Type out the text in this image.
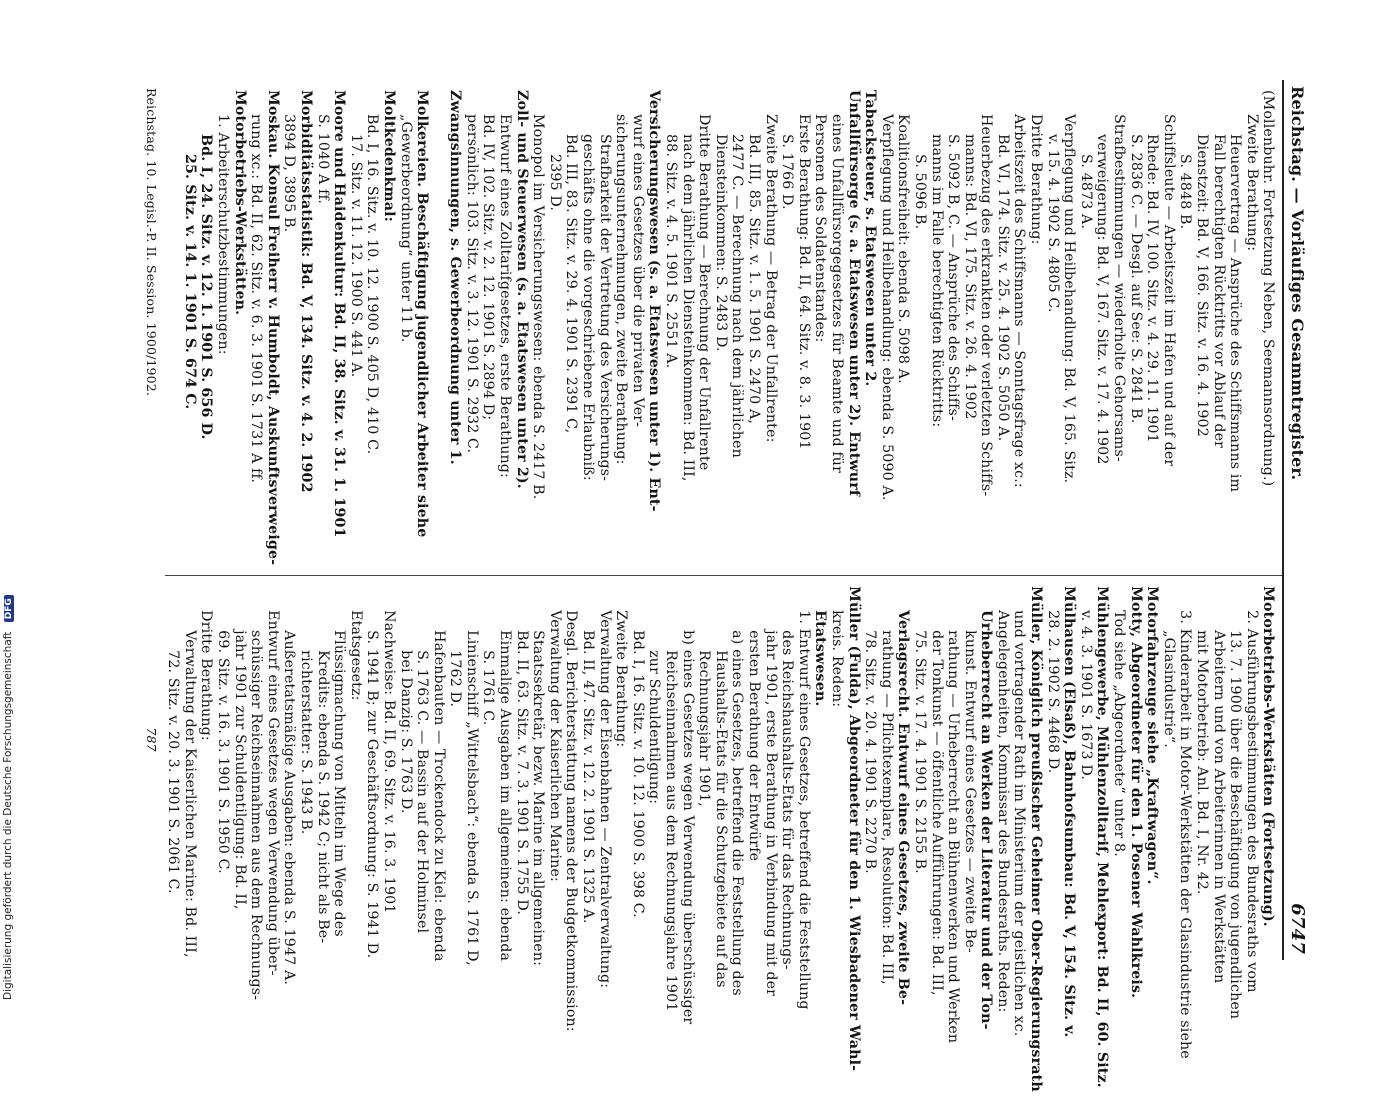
Digitalisierung gefördert durch die Deutsche Forschungsgemeinschaft DFG
Reichstag. — Vorläufiges Gesammtregister.
6747
(Mollenbuhr. Fortsetzung Neben, Seemannsordnung.)
Zweite Berathung:
Heuervertrag — Ansprüche des Schiffsmanns im
Fall berechtigten Rücktritts vor Ablauf der
Dienstzeit: Bd. V, 166. Sitz. v. 16. 4. 1902
S. 4848 B.
Schiffsleute — Arbeitszeit im Hafen und auf der
Rhede: Bd. IV, 100. Sitz. v. 4. 29. 11. 1901
S. 2836 C. — Desgl. auf See: S. 2841 B.
Strafbestimmungen — wiederholte Gehorsams-
verweigerung: Bd. V, 167. Sitz. v. 17. 4. 1902
S. 4873 A.
Verpflegung und Heilbehandlung: Bd. V, 165. Sitz.
v. 15. 4. 1902 S. 4805 C.
Dritte Berathung:
Arbeitszeit des Schiffsmanns — Sonntagsfrage xc.:
Bd. VI, 174. Sitz. v. 25. 4. 1902 S. 5050 A.
Heuerbezug des erkrankten oder verletzten Schiffs-
manns: Bd. VI, 175. Sitz. v. 26. 4. 1902
S. 5092 B, C. — Ansprüche des Schiffs-
manns im Falle berechtigten Rücktritts:
S. 5096 B.
Koalitionsfreiheit: ebenda S. 5098 A.
Verpflegung und Heilbehandlung: ebenda S. 5090 A.
Tabacksteuer, s. Etatswesen unter 2.
Unfallfürsorge (s. a. Etatswesen unter 2). Entwurf
eines Unfallfürsorgegesetzes für Beamte und für
Personen des Soldatenstandes:
Erste Berathung: Bd. II, 64. Sitz. v. 8. 3. 1901
S. 1766 D.
Zweite Berathung — Betrag der Unfallrente:
Bd. III, 85. Sitz. v. 1. 5. 1901 S. 2470 A,
2477 C. — Berechnung nach dem jährlichen
Diensteinkommen: S. 2483 D.
Dritte Berathung — Berechnung der Unfallrente
nach dem jährlichen Diensteinkommen: Bd. III,
88. Sitz. v. 4. 5. 1901 S. 2551 A.
Versicherungswesen (s. a. Etatswesen unter 1). Ent-
wurf eines Gesetzes über die privaten Ver-
sicherungsunternehmungen, zweite Berathung:
Strafbarkeit der Vertretung des Versicherungs-
geschäfts ohne die vorgeschriebene Erlaubniß:
Bd. III, 83. Sitz. v. 29. 4. 1901 S. 2391 C,
2395 D.
Monopol im Versicherungswesen: ebenda S. 2417 B.
Zoll- und Steuerwesen (s. a. Etatswesen unter 2).
Entwurf eines Zolltarifgesetzes, erste Berathung:
Bd. IV, 102. Sitz. v. 2. 12. 1901 S. 2894 D;
persönlich: 103. Sitz. v. 3. 12. 1901 S. 2932 C.
Zwangsinnungen, s. Gewerbeordnung unter 1.

Molkereien. Beschäftigung jugendlicher Arbeiter siehe
„Gewerbeordnung“ unter 11 b.
Moltkedenkmal:
Bd. I, 16. Sitz. v. 10. 12. 1900 S. 405 D, 410 C.
17. Sitz. v. 11. 12. 1900 S. 441 A.
Moore und Haidenkultur: Bd. II, 38. Sitz. v. 31. 1. 1901
S. 1040 A ff.
Morbiditätsstatistik: Bd. V, 134. Sitz. v. 4. 2. 1902
3894 D, 3895 B.
Moskau. Konsul Freiherr v. Humboldt, Auskunftsverweige-
rung xc.: Bd. II, 62. Sitz. v. 6. 3. 1901 S. 1731 A ff.
Motorbetriebs-Werkstätten.
1. Arbeiterschutzbestimmungen:
Bd. I, 24. Sitz. v. 12. 1. 1901 S. 656 D.
25. Sitz. v. 14. 1. 1901 S. 674 C.
Motorbetriebs-Werkstätten (Fortsetzung).
2. Ausführungsbestimmungen des Bundesraths vom
13. 7. 1900 über die Beschäftigung von jugendlichen
Arbeitern und von Arbeiterinnen in Werkstätten
mit Motorbetrieb: Anl. Bd. I, Nr. 42.
3. Kinderarbeit in Motor-Werkstätten der Glasindustrie siehe
„Glasindustrie“.
Motorfahrzeuge siehe „Kraftwagen“.
Motty, Abgeordneter für den 1. Posener Wahlkreis.
Tod siehe „Abgeordnete“ unter 8.
Mühlengewerbe, Mühlenzolltarif, Mehlexport: Bd. II, 60. Sitz.
v. 4. 3. 1901 S. 1673 D.
Mülhausen (Elsaß), Bahnhofsumbau: Bd. V, 154. Sitz. v.
28. 2. 1902 S. 4468 D.
Müller, Königlich preußischer Geheimer Ober-Regierungsrath
und vortragender Rath im Ministerium der geistlichen xc.
Angelegenheiten, Kommissar des Bundesraths. Reden:
Urheberrecht an Werken der Literatur und der Ton-
kunst. Entwurf eines Gesetzes — zweite Be-
rathung — Urheberrecht an Bühnenwerken und Werken
der Tonkunst — öffentliche Aufführungen: Bd. III,
75. Sitz. v. 17. 4. 1901 S. 2155 B.
Verlagsrecht. Entwurf eines Gesetzes, zweite Be-
rathung — Pflichtexemplare, Resolution: Bd. III,
78. Sitz. v. 20. 4. 1901 S. 2270 B.
Müller (Fulda), Abgeordneter für den 1. Wiesbadener Wahl-
kreis. Reden:
Etatswesen.
1. Entwurf eines Gesetzes, betreffend die Feststellung
des Reichshaushalts-Etats für das Rechnungs-
jahr 1901, erste Berathung in Verbindung mit der
ersten Berathung der Entwürfe
a) eines Gesetzes, betreffend die Feststellung des
Haushalts-Etats für die Schutzgebiete auf das
Rechnungsjahr 1901,
b) eines Gesetzes wegen Verwendung überschüssiger
Reichseinnahmen aus dem Rechnungsjahre 1901
zur Schuldentilgung:
Bd. I, 16. Sitz. v. 10. 12. 1900 S. 398 C.
Zweite Berathung:
Verwaltung der Eisenbahnen — Zentralverwaltung:
Bd. II, 47. Sitz. v. 12. 2. 1901 S. 1325 A.
Desgl. Berichterstattung namens der Budgetkommission:
Verwaltung der Kaiserlichen Marine:
Staatssekretär, bezw. Marine im allgemeinen:
Bd. II, 63. Sitz. v. 7. 3. 1901 S. 1755 D.
Einmalige Ausgaben im allgemeinen: ebenda
S. 1761 C.
Linienschiff „Wittelsbach“: ebenda S. 1761 D,
1762 D.
Hafenbauten — Trockendock zu Kiel: ebenda
S. 1763 C. — Bassin auf der Holminsel
bei Danzig: S. 1763 D.
Nachweise: Bd. II, 69. Sitz. v. 16. 3. 1901
S. 1941 B; zur Geschäftsordnung: S. 1941 D.
Etatsgesetz:
Flüssigmachung von Mitteln im Wege des
Kredits: ebenda S. 1942 C; nicht als Be-
richterstatter: S. 1943 B.
Außeretatsmäßige Ausgaben: ebenda S. 1947 A.
Entwurf eines Gesetzes wegen Verwendung über-
schüssiger Reichseinnahmen aus dem Rechnungs-
jahr 1901 zur Schuldentilgung: Bd. II,
69. Sitz. v. 16. 3. 1901 S. 1950 C.
Dritte Berathung:
Verwaltung der Kaiserlichen Marine: Bd. III,
72. Sitz. v. 20. 3. 1901 S. 2061 C.
Reichstag. 10. Legisl.-P. II. Session. 1900/1902.
787
